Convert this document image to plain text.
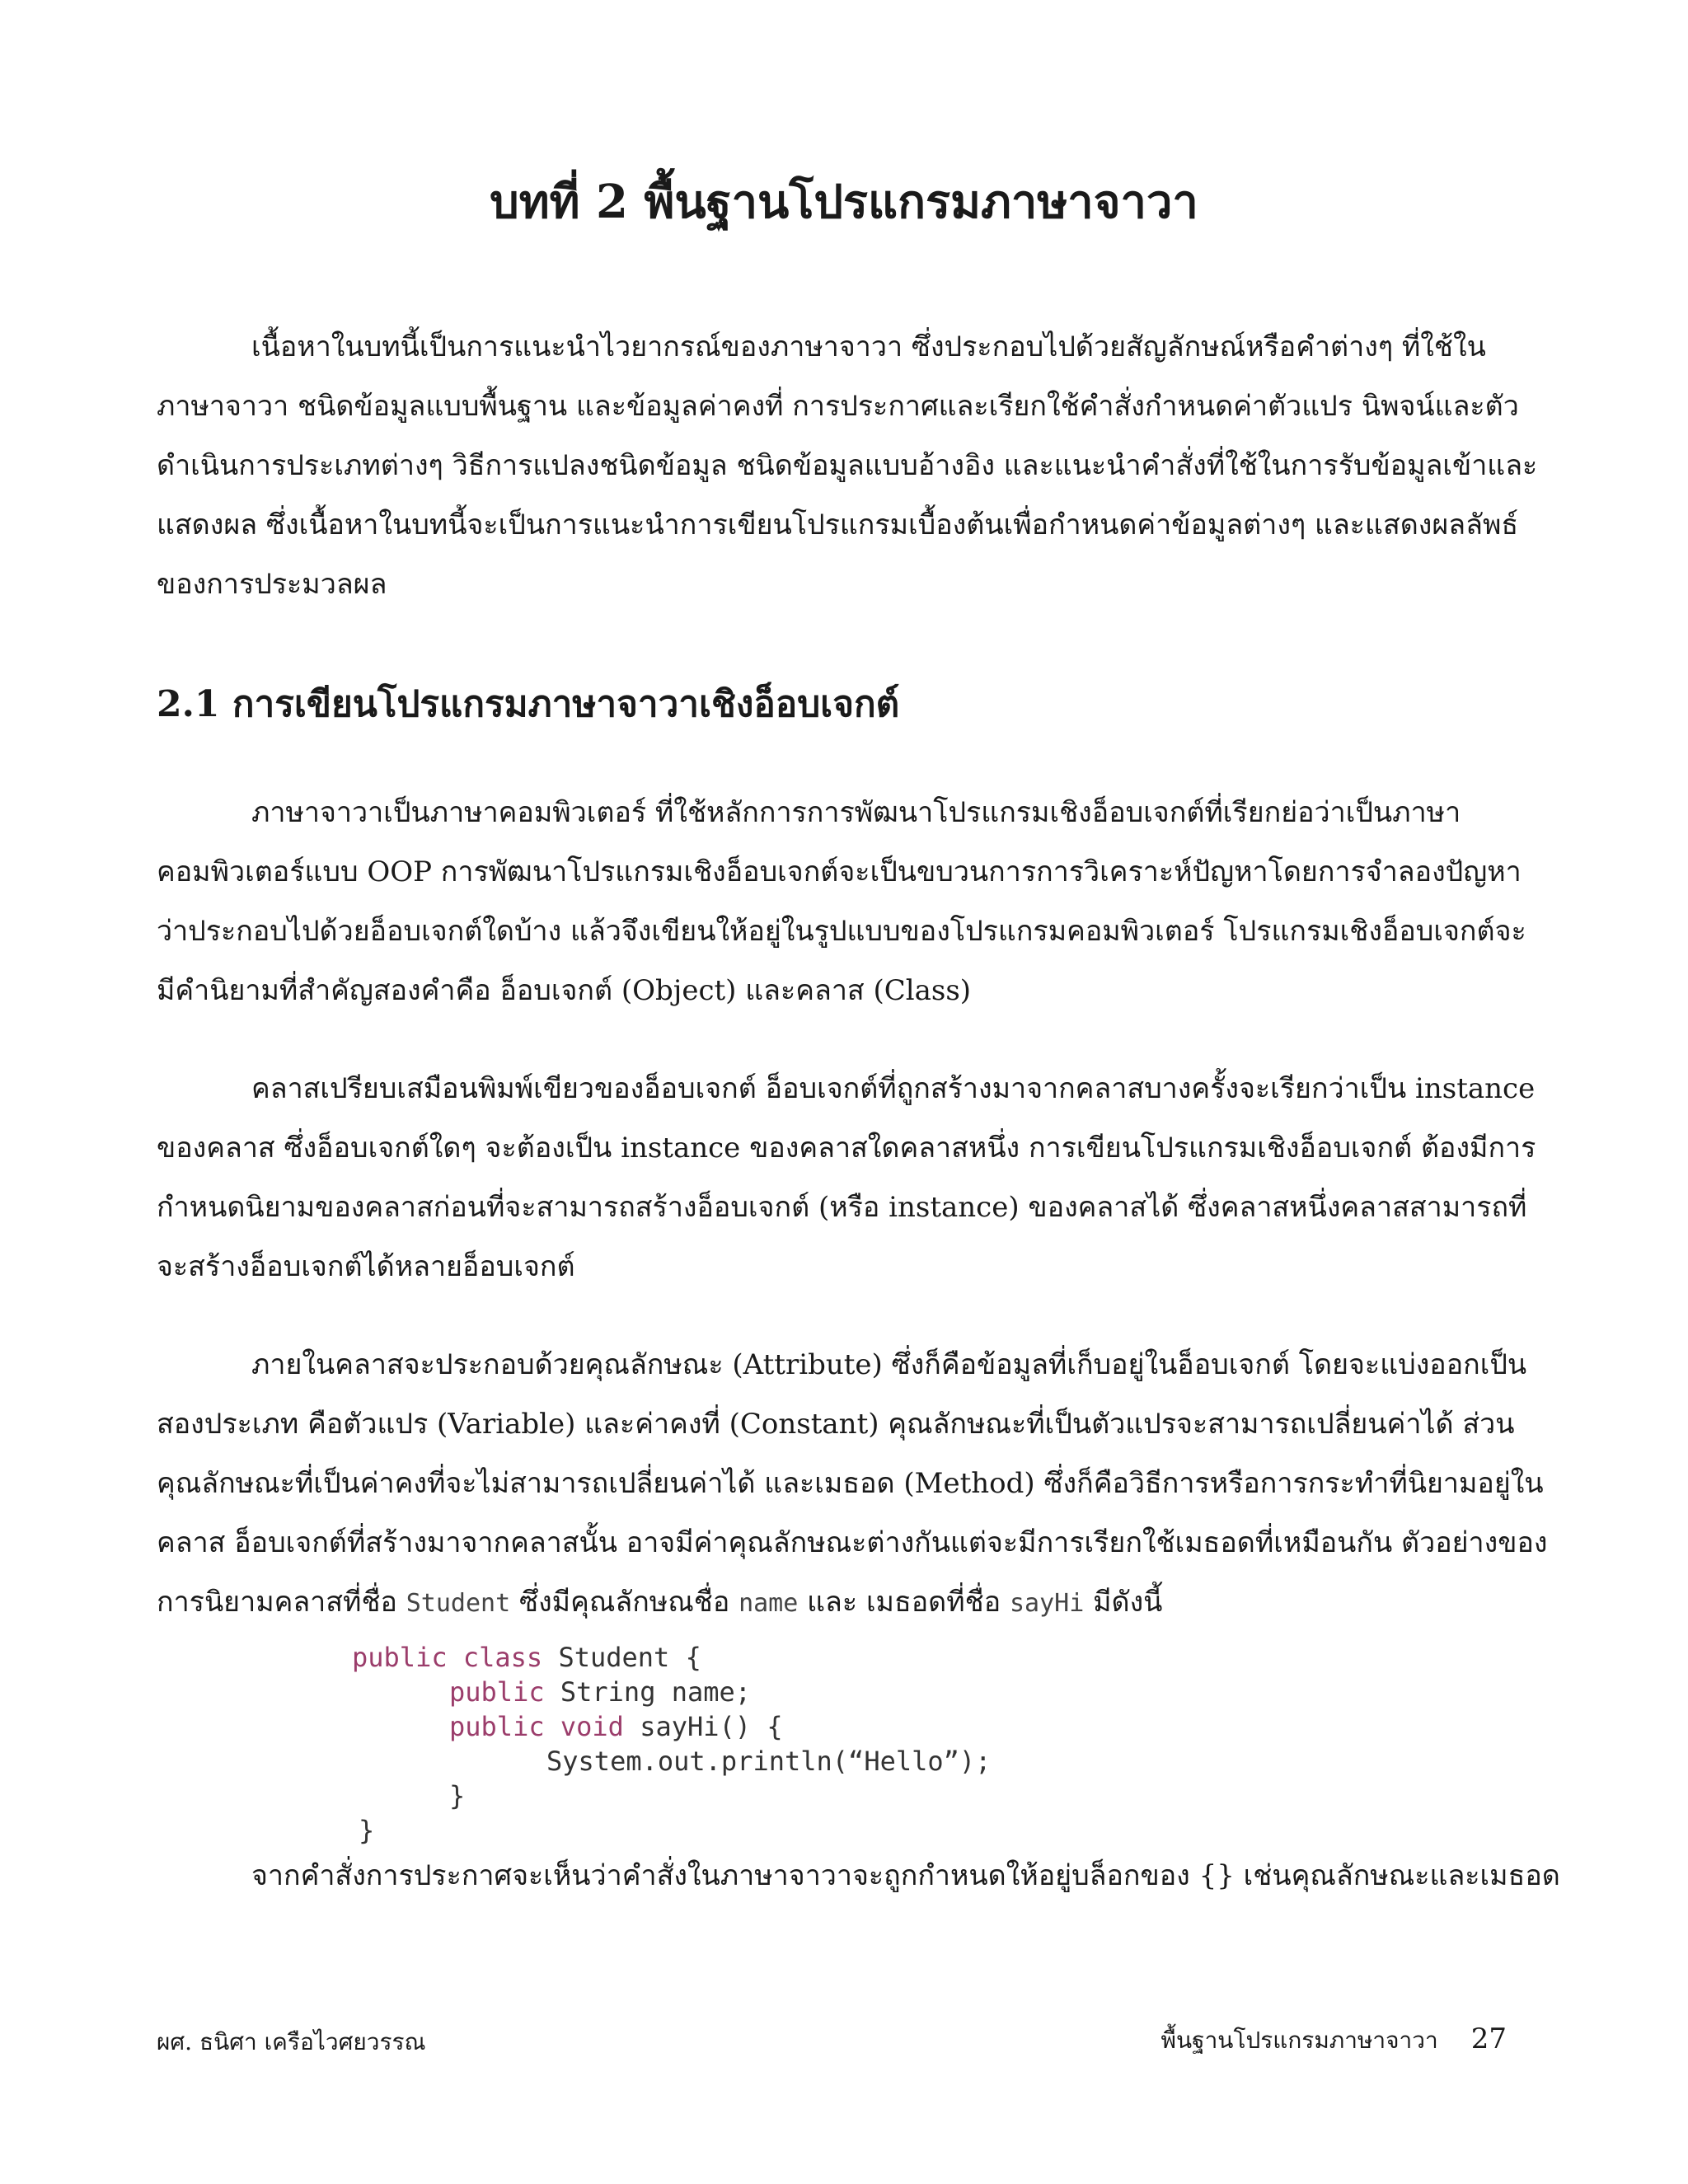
บทที่ 2 พื้นฐานโปรแกรมภาษาจาวา

เนื้อหาในบทนี้เป็นการแนะนำไวยากรณ์ของภาษาจาวา ซึ่งประกอบไปด้วยสัญลักษณ์หรือคำต่างๆ ที่ใช้ใน
ภาษาจาวา ชนิดข้อมูลแบบพื้นฐาน และข้อมูลค่าคงที่ การประกาศและเรียกใช้คำสั่งกำหนดค่าตัวแปร นิพจน์และตัว
ดำเนินการประเภทต่างๆ วิธีการแปลงชนิดข้อมูล ชนิดข้อมูลแบบอ้างอิง และแนะนำคำสั่งที่ใช้ในการรับข้อมูลเข้าและ
แสดงผล ซึ่งเนื้อหาในบทนี้จะเป็นการแนะนำการเขียนโปรแกรมเบื้องต้นเพื่อกำหนดค่าข้อมูลต่างๆ และแสดงผลลัพธ์
ของการประมวลผล

2.1 การเขียนโปรแกรมภาษาจาวาเชิงอ็อบเจกต์

ภาษาจาวาเป็นภาษาคอมพิวเตอร์ ที่ใช้หลักการการพัฒนาโปรแกรมเชิงอ็อบเจกต์ที่เรียกย่อว่าเป็นภาษา
คอมพิวเตอร์แบบ OOP การพัฒนาโปรแกรมเชิงอ็อบเจกต์จะเป็นขบวนการการวิเคราะห์ปัญหาโดยการจำลองปัญหา
ว่าประกอบไปด้วยอ็อบเจกต์ใดบ้าง แล้วจึงเขียนให้อยู่ในรูปแบบของโปรแกรมคอมพิวเตอร์ โปรแกรมเชิงอ็อบเจกต์จะ
มีคำนิยามที่สำคัญสองคำคือ อ็อบเจกต์ (Object) และคลาส (Class)

คลาสเปรียบเสมือนพิมพ์เขียวของอ็อบเจกต์ อ็อบเจกต์ที่ถูกสร้างมาจากคลาสบางครั้งจะเรียกว่าเป็น instance
ของคลาส ซึ่งอ็อบเจกต์ใดๆ จะต้องเป็น instance ของคลาสใดคลาสหนึ่ง การเขียนโปรแกรมเชิงอ็อบเจกต์ ต้องมีการ
กำหนดนิยามของคลาสก่อนที่จะสามารถสร้างอ็อบเจกต์ (หรือ instance) ของคลาสได้ ซึ่งคลาสหนึ่งคลาสสามารถที่
จะสร้างอ็อบเจกต์ได้หลายอ็อบเจกต์

ภายในคลาสจะประกอบด้วยคุณลักษณะ (Attribute) ซึ่งก็คือข้อมูลที่เก็บอยู่ในอ็อบเจกต์ โดยจะแบ่งออกเป็น
สองประเภท คือตัวแปร (Variable) และค่าคงที่ (Constant) คุณลักษณะที่เป็นตัวแปรจะสามารถเปลี่ยนค่าได้ ส่วน
คุณลักษณะที่เป็นค่าคงที่จะไม่สามารถเปลี่ยนค่าได้ และเมธอด (Method) ซึ่งก็คือวิธีการหรือการกระทำที่นิยามอยู่ใน
คลาส อ็อบเจกต์ที่สร้างมาจากคลาสนั้น อาจมีค่าคุณลักษณะต่างกันแต่จะมีการเรียกใช้เมธอดที่เหมือนกัน ตัวอย่างของ
การนิยามคลาสที่ชื่อ Student ซึ่งมีคุณลักษณชื่อ name และ เมธอดที่ชื่อ sayHi มีดังนี้

public class Student {
public String name;
public void sayHi() {
System.out.println(“Hello”);
}
}

จากคำสั่งการประกาศจะเห็นว่าคำสั่งในภาษาจาวาจะถูกกำหนดให้อยู่บล็อกของ {} เช่นคุณลักษณะและเมธอด

ผศ. ธนิศา เครือไวศยวรรณ	พื้นฐานโปรแกรมภาษาจาวา 27
